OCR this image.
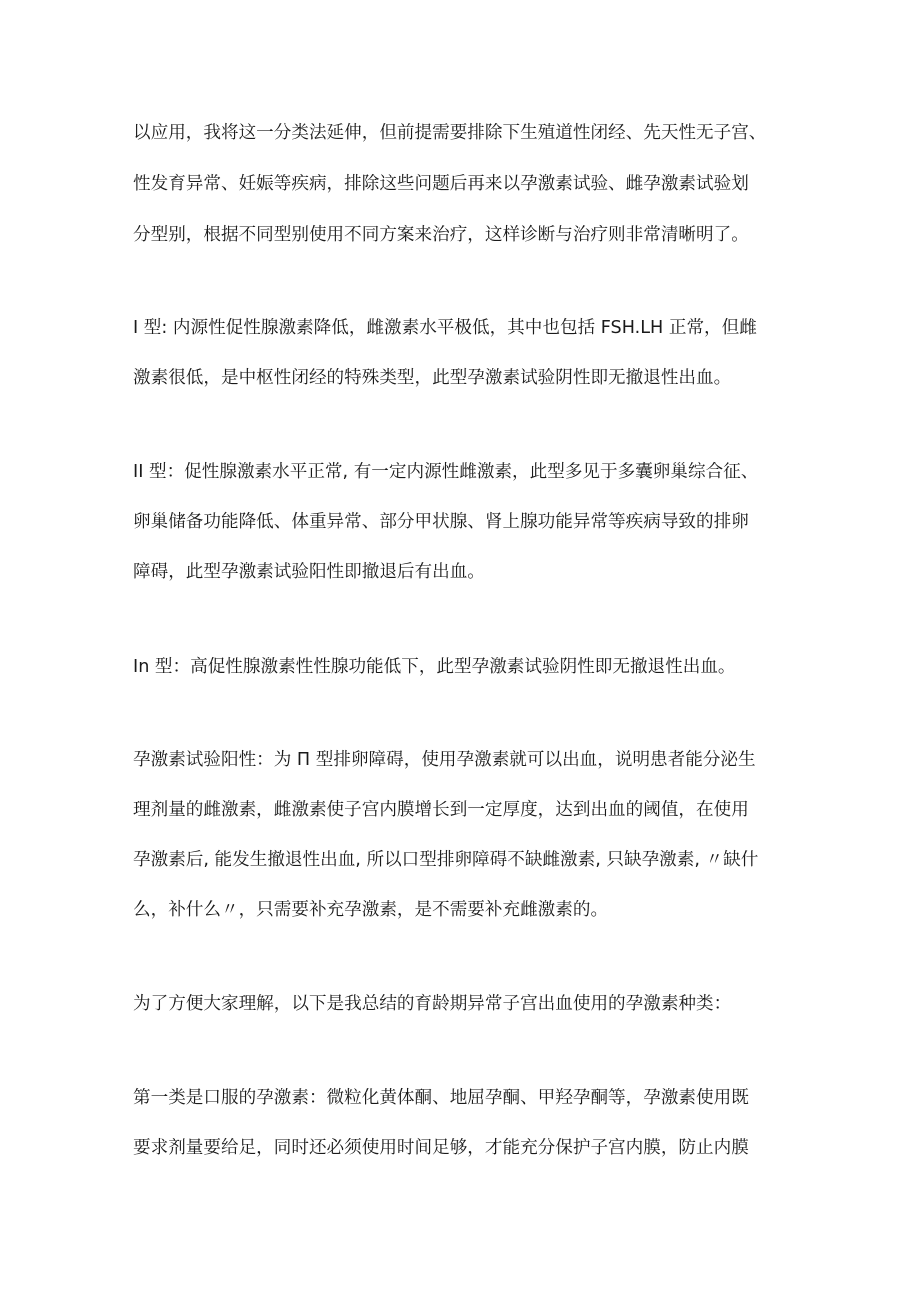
以应用，我将这一分类法延伸，但前提需要排除下生殖道性闭经、先天性无子宫、
性发育异常、妊娠等疾病，排除这些问题后再来以孕激素试验、雌孕激素试验划
分型别，根据不同型别使用不同方案来治疗，这样诊断与治疗则非常清晰明了。
I 型: 内源性促性腺激素降低，雌激素水平极低，其中也包括 FSH.LH 正常，但雌
激素很低，是中枢性闭经的特殊类型，此型孕激素试验阴性即无撤退性出血。
II 型：促性腺激素水平正常, 有一定内源性雌激素，此型多见于多囊卵巢综合征、
卵巢储备功能降低、体重异常、部分甲状腺、肾上腺功能异常等疾病导致的排卵
障碍，此型孕激素试验阳性即撤退后有出血。
In 型：高促性腺激素性性腺功能低下，此型孕激素试验阴性即无撤退性出血。
孕激素试验阳性：为 П 型排卵障碍，使用孕激素就可以出血，说明患者能分泌生
理剂量的雌激素，雌激素使子宫内膜增长到一定厚度，达到出血的阈值，在使用
孕激素后, 能发生撤退性出血, 所以口型排卵障碍不缺雌激素, 只缺孕激素, 〃缺什
么，补什么〃，只需要补充孕激素，是不需要补充雌激素的。
为了方便大家理解，以下是我总结的育龄期异常子宫出血使用的孕激素种类：
第一类是口服的孕激素：微粒化黄体酮、地屈孕酮、甲羟孕酮等，孕激素使用既
要求剂量要给足，同时还必须使用时间足够，才能充分保护子宫内膜，防止内膜
